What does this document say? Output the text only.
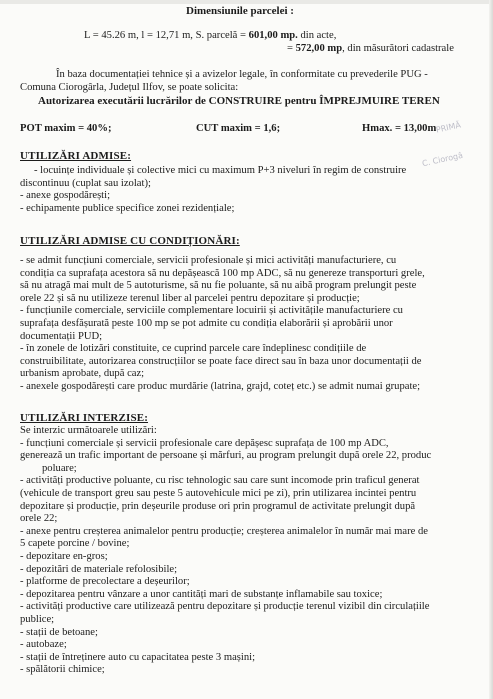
Dimensiunile parcelei :
L = 45.26 m, l = 12,71 m, S. parcelă = 601,00 mp. din acte,
= 572,00 mp, din măsurători cadastrale
În baza documentației tehnice și a avizelor legale, în conformitate cu prevederile PUG -
Comuna Ciorogârla, Județul Ilfov, se poate solicita:
Autorizarea executării lucrărilor de CONSTRUIRE pentru ÎMPREJMUIRE TEREN
POT maxim = 40%;	CUT maxim = 1,6;	Hmax. = 13,00m
PRIMĂ
C. Ciorogâ
UTILIZĂRI ADMISE:
- locuințe individuale și colective mici cu maximum P+3 niveluri în regim de construire
discontinuu (cuplat sau izolat);
- anexe gospodărești;
- echipamente publice specifice zonei rezidențiale;
UTILIZĂRI ADMISE CU CONDIȚIONĂRI:
- se admit funcțiuni comerciale, servicii profesionale și mici activități manufacturiere, cu
condiția ca suprafața acestora să nu depășească 100 mp ADC, să nu genereze transporturi grele,
să nu atragă mai mult de 5 autoturisme, să nu fie poluante, să nu aibă program prelungit peste
orele 22 și să nu utilizeze terenul liber al parcelei pentru depozitare și producție;
- funcțiunile comerciale, serviciile complementare locuirii și activitățile manufacturiere cu
suprafața desfășurată peste 100 mp se pot admite cu condiția elaborării și aprobării unor
documentații PUD;
- în zonele de lotizări constituite, ce cuprind parcele care îndeplinesc condițiile de
construibilitate, autorizarea construcțiilor se poate face direct sau în baza unor documentații de
urbanism aprobate, după caz;
- anexele gospodărești care produc murdărie (latrina, grajd, coteț etc.) se admit numai grupate;
UTILIZĂRI INTERZISE:
Se interzic următoarele utilizări:
- funcțiuni comerciale și servicii profesionale care depășesc suprafața de 100 mp ADC,
generează un trafic important de persoane și mărfuri, au program prelungit după orele 22, produc
poluare;
- activități productive poluante, cu risc tehnologic sau care sunt incomode prin traficul generat
(vehicule de transport greu sau peste 5 autovehicule mici pe zi), prin utilizarea incintei pentru
depozitare și producție, prin deșeurile produse ori prin programul de activitate prelungit după
orele 22;
- anexe pentru creșterea animalelor pentru producție; creșterea animalelor în număr mai mare de
5 capete porcine / bovine;
- depozitare en-gros;
- depozitări de materiale refolosibile;
- platforme de precolectare a deșeurilor;
- depozitarea pentru vânzare a unor cantități mari de substanțe inflamabile sau toxice;
- activități productive care utilizează pentru depozitare și producție terenul vizibil din circulațiile
publice;
- stații de betoane;
- autobaze;
- stații de întreținere auto cu capacitatea peste 3 mașini;
- spălătorii chimice;
